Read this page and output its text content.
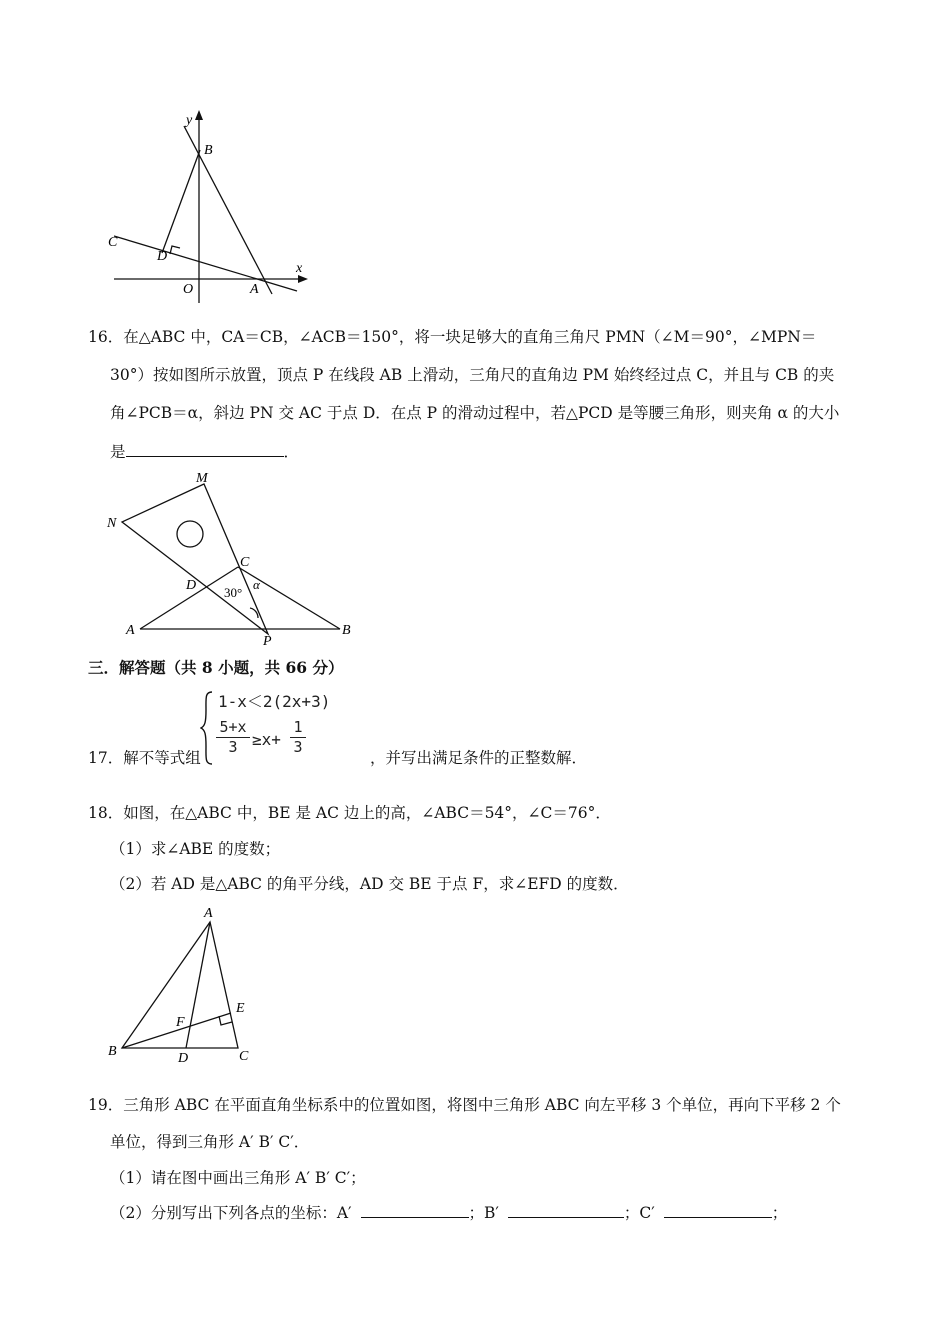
y
x
B
C
D
O	A
16．在△ABC 中，CA＝CB，∠ACB＝150°，将一块足够大的直角三角尺 PMN（∠M＝90°，∠MPN＝
30°）按如图所示放置，顶点 P 在线段 AB 上滑动，三角尺的直角边 PM 始终经过点 C，并且与 CB 的夹
角∠PCB＝α，斜边 PN 交 AC 于点 D．在点 P 的滑动过程中，若△PCD 是等腰三角形，则夹角 α 的大小
是	．
M
N
C
D 30°
α
A
P
B
三．解答题（共 8 小题，共 66 分）
17．解不等式组
1-x＜2(2x+3)
$\frac{5+x}{3} \ge x+ \frac{1}{3}$
，并写出满足条件的正整数解．
18．如图，在△ABC 中，BE 是 AC 边上的高，∠ABC＝54°，∠C＝76°．
（1）求∠ABE 的度数；
（2）若 AD 是△ABC 的角平分线，AD 交 BE 于点 F，求∠EFD 的度数．
A
B	C
D
E
F
19．三角形 ABC 在平面直角坐标系中的位置如图，将图中三角形 ABC 向左平移 3 个单位，再向下平移 2 个
单位，得到三角形 A′ B′ C′．
（1）请在图中画出三角形 A′ B′ C′；
（2）分别写出下列各点的坐标：A′	；B′	；C′	；
